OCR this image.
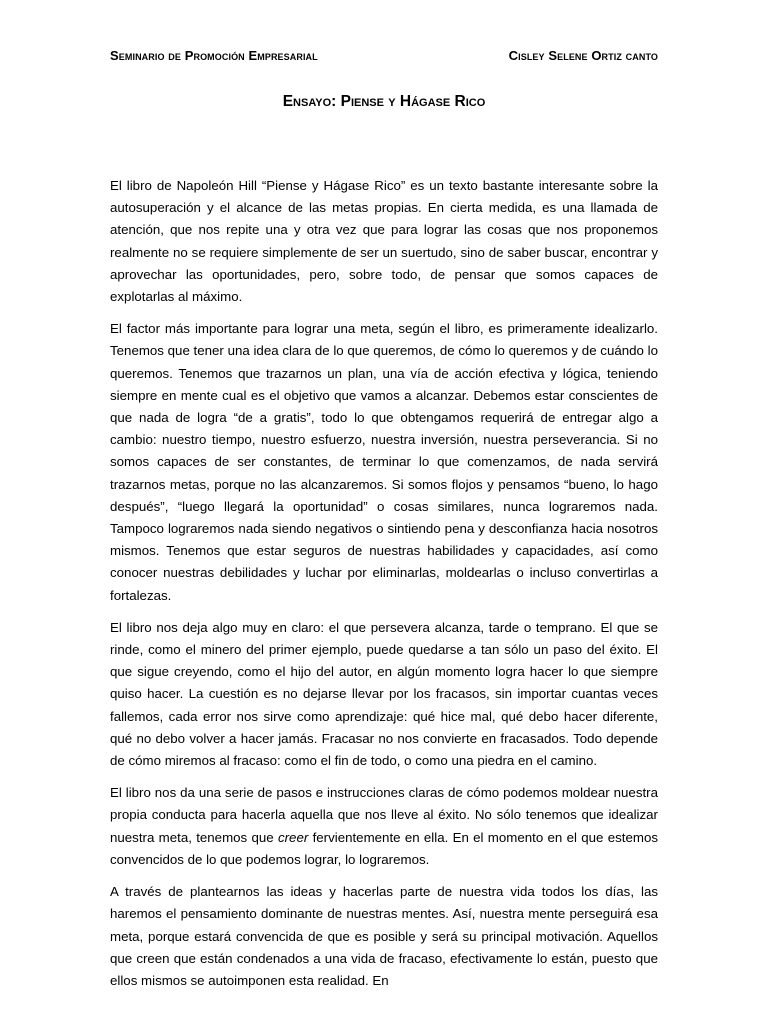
Seminario de Promoción Empresarial	Cisley Selene Ortiz canto
Ensayo: Piense y Hágase Rico

El libro de Napoleón Hill “Piense y Hágase Rico” es un texto bastante interesante sobre la autosuperación y el alcance de las metas propias. En cierta medida, es una llamada de atención, que nos repite una y otra vez que para lograr las cosas que nos proponemos realmente no se requiere simplemente de ser un suertudo, sino de saber buscar, encontrar y aprovechar las oportunidades, pero, sobre todo, de pensar que somos capaces de explotarlas al máximo.

El factor más importante para lograr una meta, según el libro, es primeramente idealizarlo. Tenemos que tener una idea clara de lo que queremos, de cómo lo queremos y de cuándo lo queremos. Tenemos que trazarnos un plan, una vía de acción efectiva y lógica, teniendo siempre en mente cual es el objetivo que vamos a alcanzar. Debemos estar conscientes de que nada de logra “de a gratis”, todo lo que obtengamos requerirá de entregar algo a cambio: nuestro tiempo, nuestro esfuerzo, nuestra inversión, nuestra perseverancia. Si no somos capaces de ser constantes, de terminar lo que comenzamos, de nada servirá trazarnos metas, porque no las alcanzaremos. Si somos flojos y pensamos “bueno, lo hago después”, “luego llegará la oportunidad” o cosas similares, nunca lograremos nada. Tampoco lograremos nada siendo negativos o sintiendo pena y desconfianza hacia nosotros mismos. Tenemos que estar seguros de nuestras habilidades y capacidades, así como conocer nuestras debilidades y luchar por eliminarlas, moldearlas o incluso convertirlas a fortalezas.

El libro nos deja algo muy en claro: el que persevera alcanza, tarde o temprano. El que se rinde, como el minero del primer ejemplo, puede quedarse a tan sólo un paso del éxito. El que sigue creyendo, como el hijo del autor, en algún momento logra hacer lo que siempre quiso hacer. La cuestión es no dejarse llevar por los fracasos, sin importar cuantas veces fallemos, cada error nos sirve como aprendizaje: qué hice mal, qué debo hacer diferente, qué no debo volver a hacer jamás. Fracasar no nos convierte en fracasados. Todo depende de cómo miremos al fracaso: como el fin de todo, o como una piedra en el camino.

El libro nos da una serie de pasos e instrucciones claras de cómo podemos moldear nuestra propia conducta para hacerla aquella que nos lleve al éxito. No sólo tenemos que idealizar nuestra meta, tenemos que creer fervientemente en ella. En el momento en el que estemos convencidos de lo que podemos lograr, lo lograremos.

A través de plantearnos las ideas y hacerlas parte de nuestra vida todos los días, las haremos el pensamiento dominante de nuestras mentes. Así, nuestra mente perseguirá esa meta, porque estará convencida de que es posible y será su principal motivación. Aquellos que creen que están condenados a una vida de fracaso, efectivamente lo están, puesto que ellos mismos se autoimponen esta realidad. En
